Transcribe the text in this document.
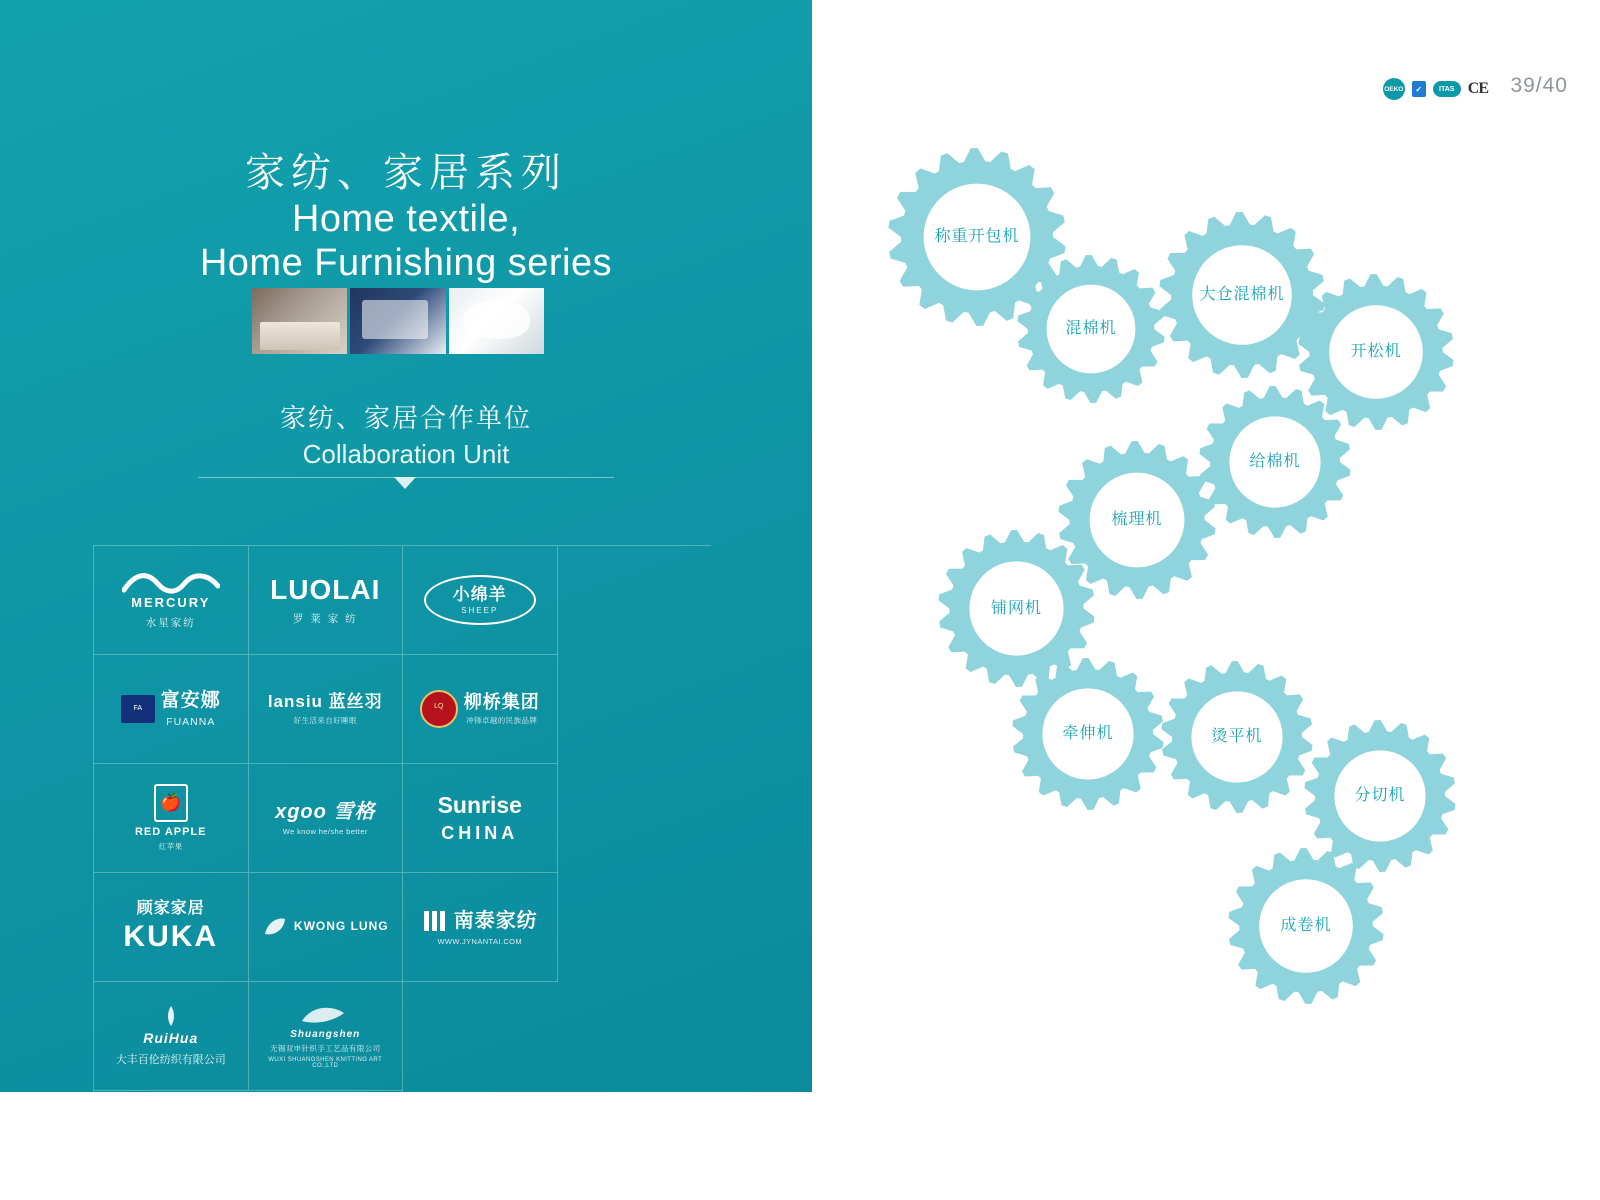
家纺、家居系列
Home textile,
Home Furnishing series
家纺、家居合作单位
Collaboration Unit
MERCURY
水星家纺
LUOLAI
罗 莱 家 纺
小绵羊
SHEEP
FA 富安娜
FUANNA
lansiu 蓝丝羽
好生活来自好睡眠
LQ	柳桥集团
冲锋卓越的民族品牌
🍎
RED APPLE
红苹果
xgoo 雪格
We know he/she better
Sunrise
CHINA
顾家家居
KUKA	KWONG LUNG	南泰家纺
WWW.JYNANTAI.COM
RuiHua
大丰百伦纺织有限公司
Shuangshen
无锡双申针织手工艺品有限公司
WUXI SHUANGSHEN KNITTING ART CO.,LTD
桐乡众想纺织有限公司
TONGXIANG ZHONGXIANG TEXTILES CO.,LTD.
OEKO	✓	ITAS CE 39/40
称重开包机
混棉机
大仓混棉机
开松机
给棉机
梳理机
铺网机
牵伸机	烫平机
分切机
成卷机
